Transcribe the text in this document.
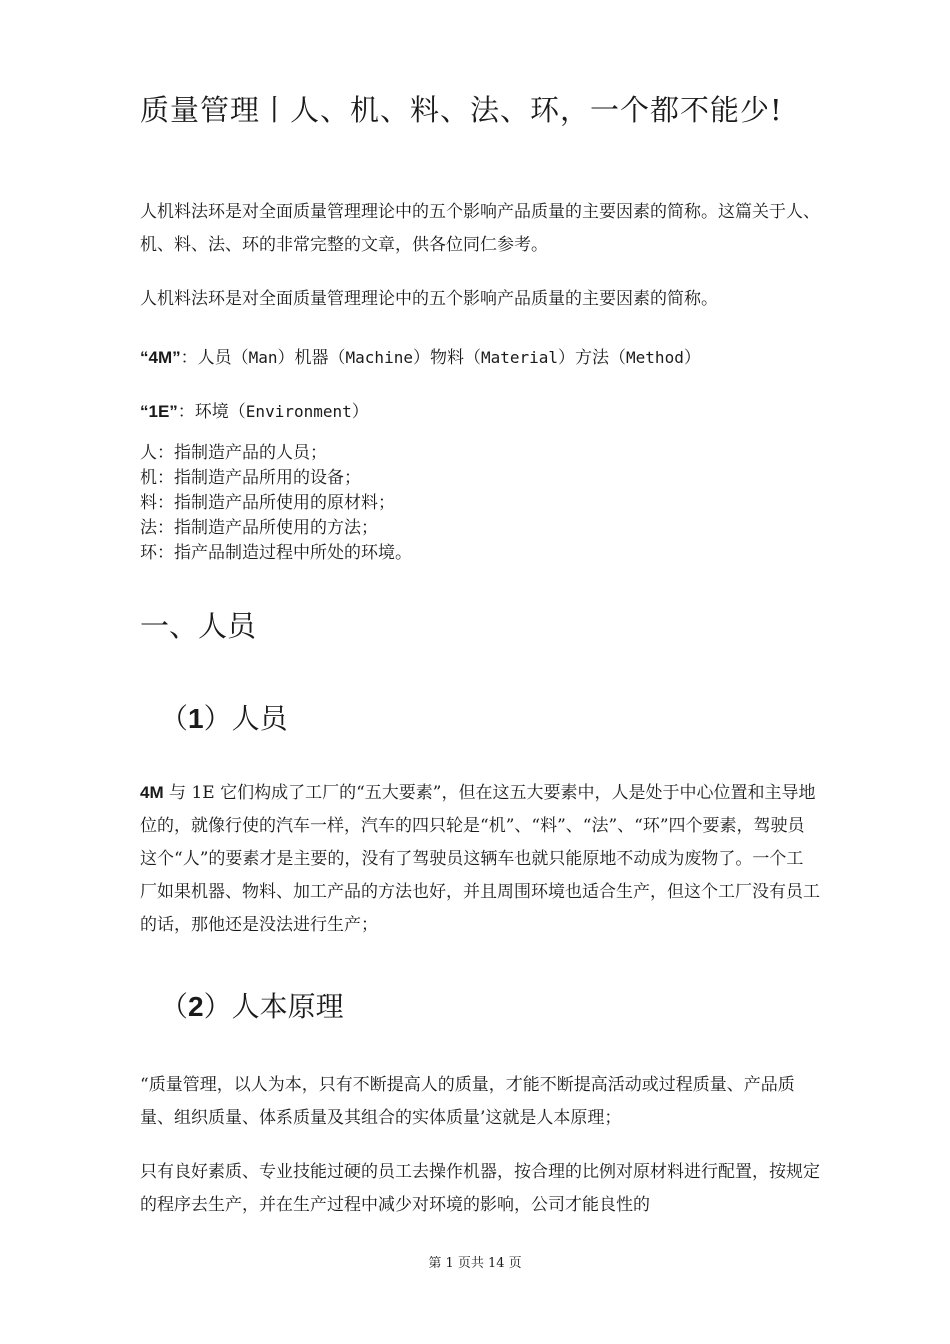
质量管理丨人、机、料、法、环，一个都不能少!

人机料法环是对全面质量管理理论中的五个影响产品质量的主要因素的简称。这篇关于人、机、料、法、环的非常完整的文章，供各位同仁参考。

人机料法环是对全面质量管理理论中的五个影响产品质量的主要因素的简称。

“4M”：人员（Man）机器（Machine）物料（Material）方法（Method）
“1E”：环境（Environment）
人：指制造产品的人员；
机：指制造产品所用的设备；
料：指制造产品所使用的原材料；
法：指制造产品所使用的方法；
环：指产品制造过程中所处的环境。
一、人员
（1）人员

4M 与 1E 它们构成了工厂的“五大要素”，但在这五大要素中，人是处于中心位置和主导地位的，就像行使的汽车一样，汽车的四只轮是“机”、“料”、“法”、“环”四个要素，驾驶员这个“人”的要素才是主要的，没有了驾驶员这辆车也就只能原地不动成为废物了。一个工厂如果机器、物料、加工产品的方法也好，并且周围环境也适合生产，但这个工厂没有员工的话，那他还是没法进行生产；

（2）人本原理

“质量管理，以人为本，只有不断提高人的质量，才能不断提高活动或过程质量、产品质量、组织质量、体系质量及其组合的实体质量’这就是人本原理；

只有良好素质、专业技能过硬的员工去操作机器，按合理的比例对原材料进行配置，按规定的程序去生产，并在生产过程中减少对环境的影响，公司才能良性的

第 1 页共 14 页
